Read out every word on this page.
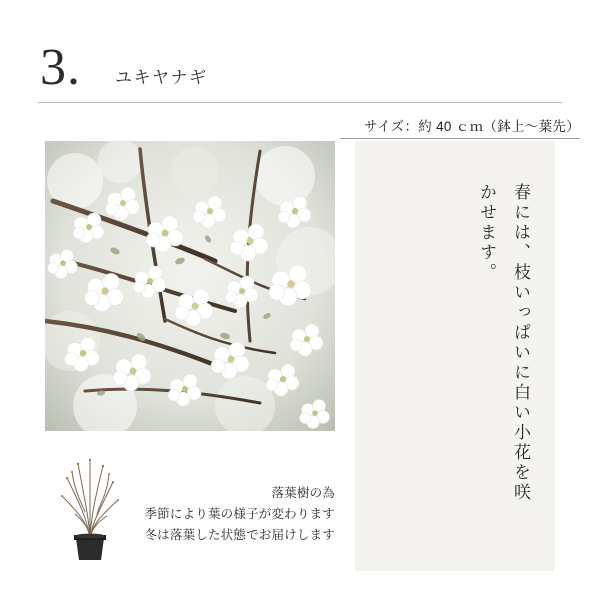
3. ユキヤナギ
サイズ：約 40 ｃｍ（鉢上～葉先）
春には、枝いっぱいに白い小花を咲かせます。
落葉樹の為
季節により葉の様子が変わります
冬は落葉した状態でお届けします
